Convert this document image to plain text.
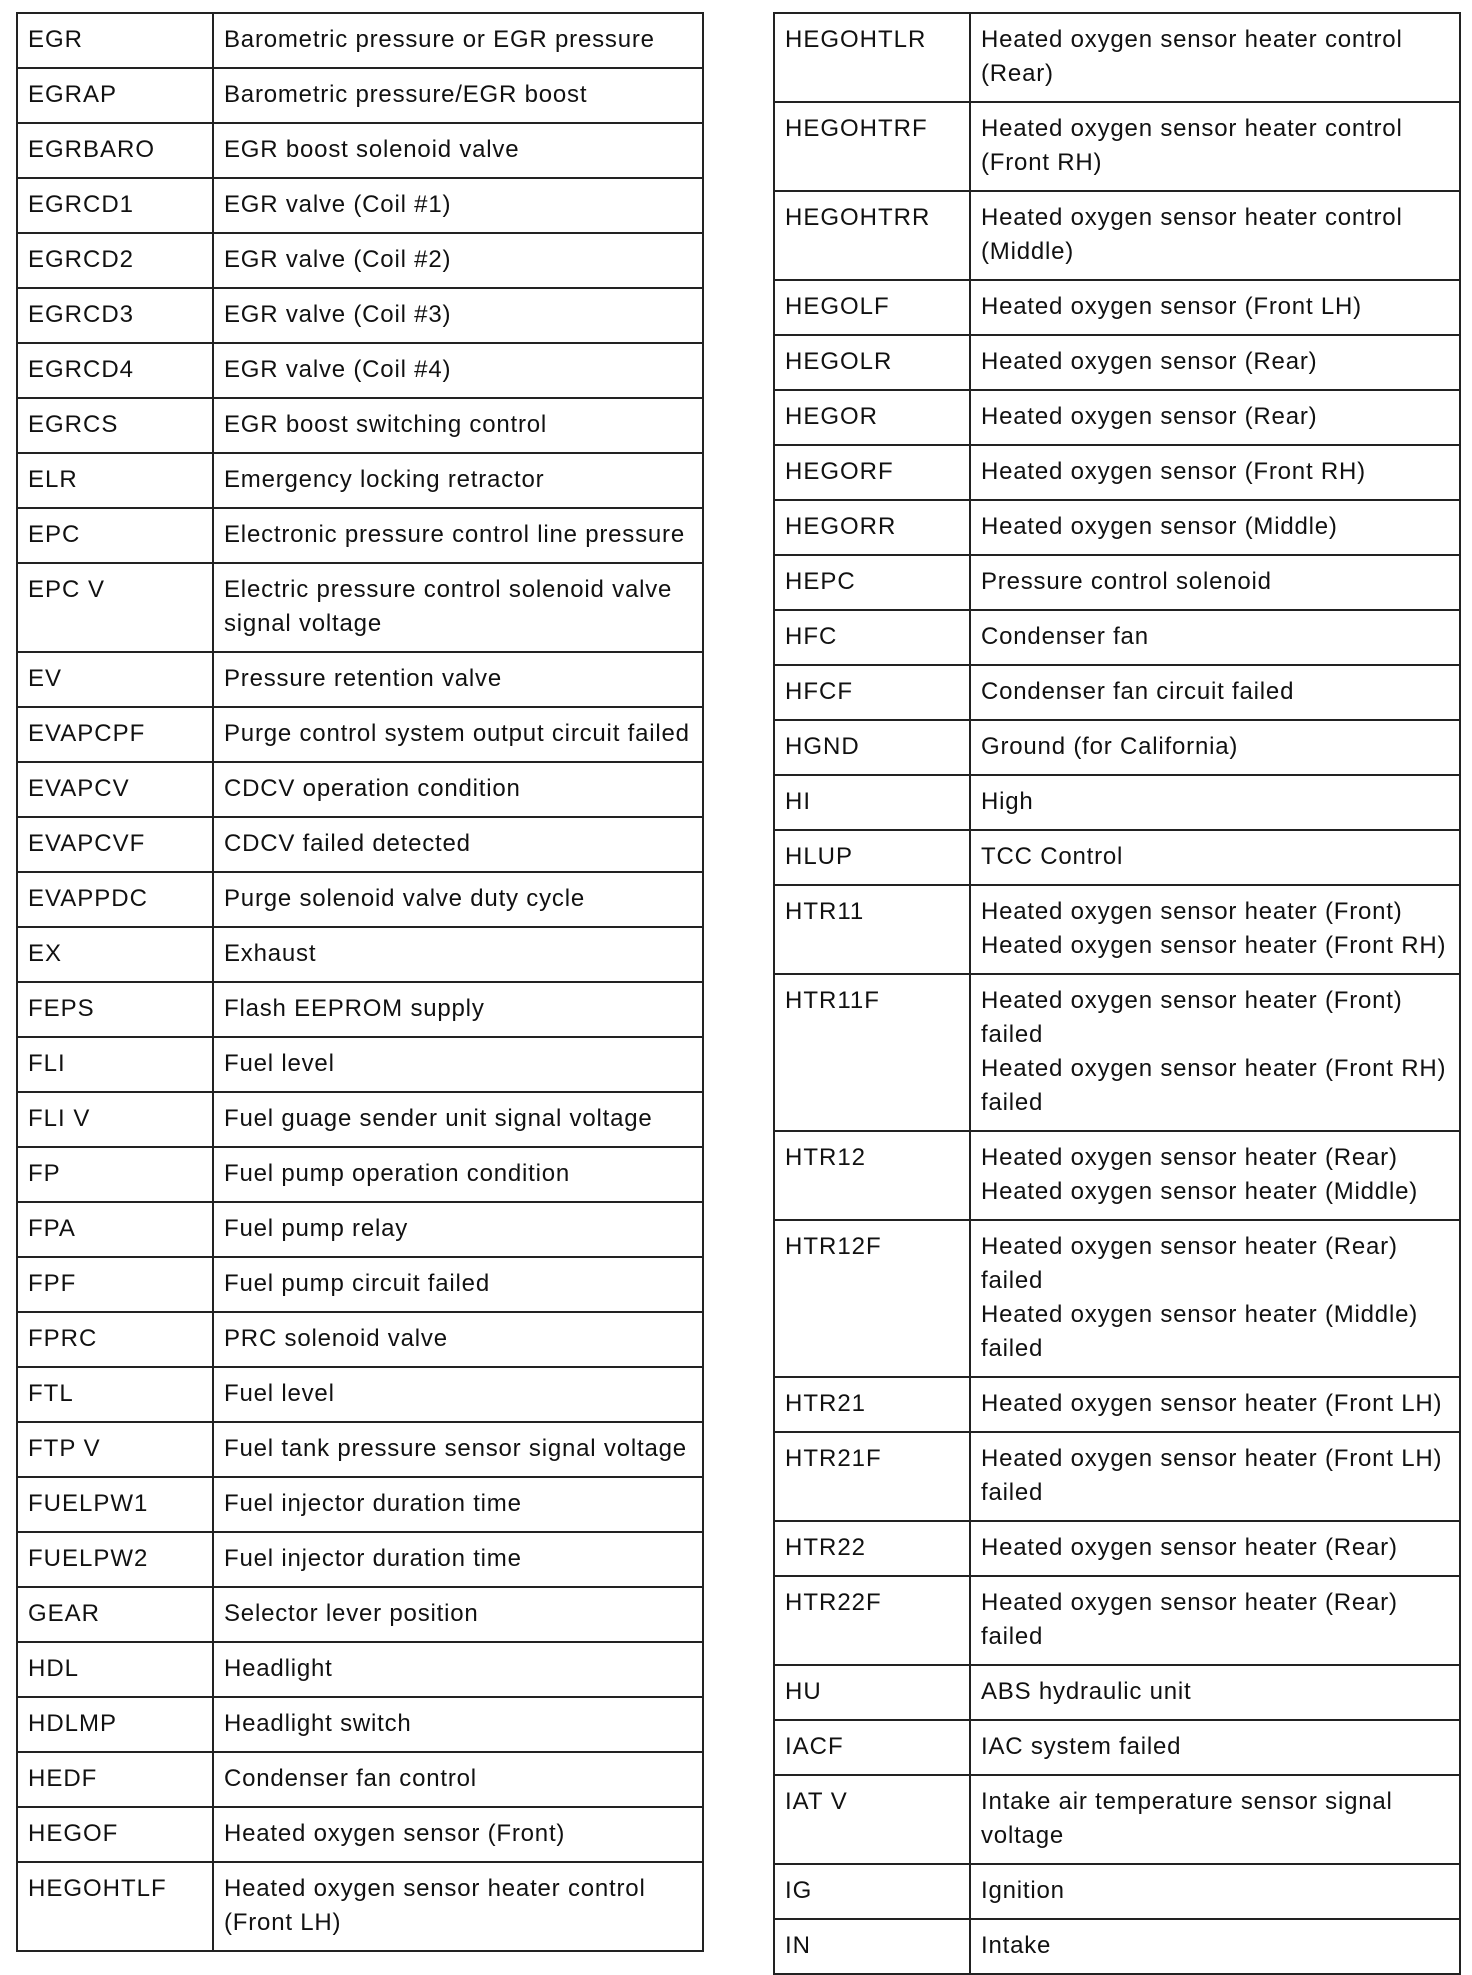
EGR	Barometric pressure or EGR pressure
EGRAP	Barometric pressure/EGR boost
EGRBARO	EGR boost solenoid valve
EGRCD1	EGR valve (Coil #1)
EGRCD2	EGR valve (Coil #2)
EGRCD3	EGR valve (Coil #3)
EGRCD4	EGR valve (Coil #4)
EGRCS	EGR boost switching control
ELR	Emergency locking retractor
EPC	Electronic pressure control line pressure
EPC V	Electric pressure control solenoid valve signal voltage
EV	Pressure retention valve
EVAPCPF	Purge control system output circuit failed
EVAPCV	CDCV operation condition
EVAPCVF	CDCV failed detected
EVAPPDC	Purge solenoid valve duty cycle
EX	Exhaust
FEPS	Flash EEPROM supply
FLI	Fuel level
FLI V	Fuel guage sender unit signal voltage
FP	Fuel pump operation condition
FPA	Fuel pump relay
FPF	Fuel pump circuit failed
FPRC	PRC solenoid valve
FTL	Fuel level
FTP V	Fuel tank pressure sensor signal voltage
FUELPW1	Fuel injector duration time
FUELPW2	Fuel injector duration time
GEAR	Selector lever position
HDL	Headlight
HDLMP	Headlight switch
HEDF	Condenser fan control
HEGOF	Heated oxygen sensor (Front)
HEGOHTLF	Heated oxygen sensor heater control (Front LH)
HEGOHTLR	Heated oxygen sensor heater control (Rear)
HEGOHTRF	Heated oxygen sensor heater control (Front RH)
HEGOHTRR	Heated oxygen sensor heater control (Middle)
HEGOLF	Heated oxygen sensor (Front LH)
HEGOLR	Heated oxygen sensor (Rear)
HEGOR	Heated oxygen sensor (Rear)
HEGORF	Heated oxygen sensor (Front RH)
HEGORR	Heated oxygen sensor (Middle)
HEPC	Pressure control solenoid
HFC	Condenser fan
HFCF	Condenser fan circuit failed
HGND	Ground (for California)
HI	High
HLUP	TCC Control
HTR11	Heated oxygen sensor heater (Front)
Heated oxygen sensor heater (Front RH)
HTR11F	Heated oxygen sensor heater (Front) failed
Heated oxygen sensor heater (Front RH) failed
HTR12	Heated oxygen sensor heater (Rear)
Heated oxygen sensor heater (Middle)
HTR12F	Heated oxygen sensor heater (Rear) failed
Heated oxygen sensor heater (Middle) failed
HTR21	Heated oxygen sensor heater (Front LH)
HTR21F	Heated oxygen sensor heater (Front LH) failed
HTR22	Heated oxygen sensor heater (Rear)
HTR22F	Heated oxygen sensor heater (Rear) failed
HU	ABS hydraulic unit
IACF	IAC system failed
IAT V	Intake air temperature sensor signal voltage
IG	Ignition
IN	Intake
